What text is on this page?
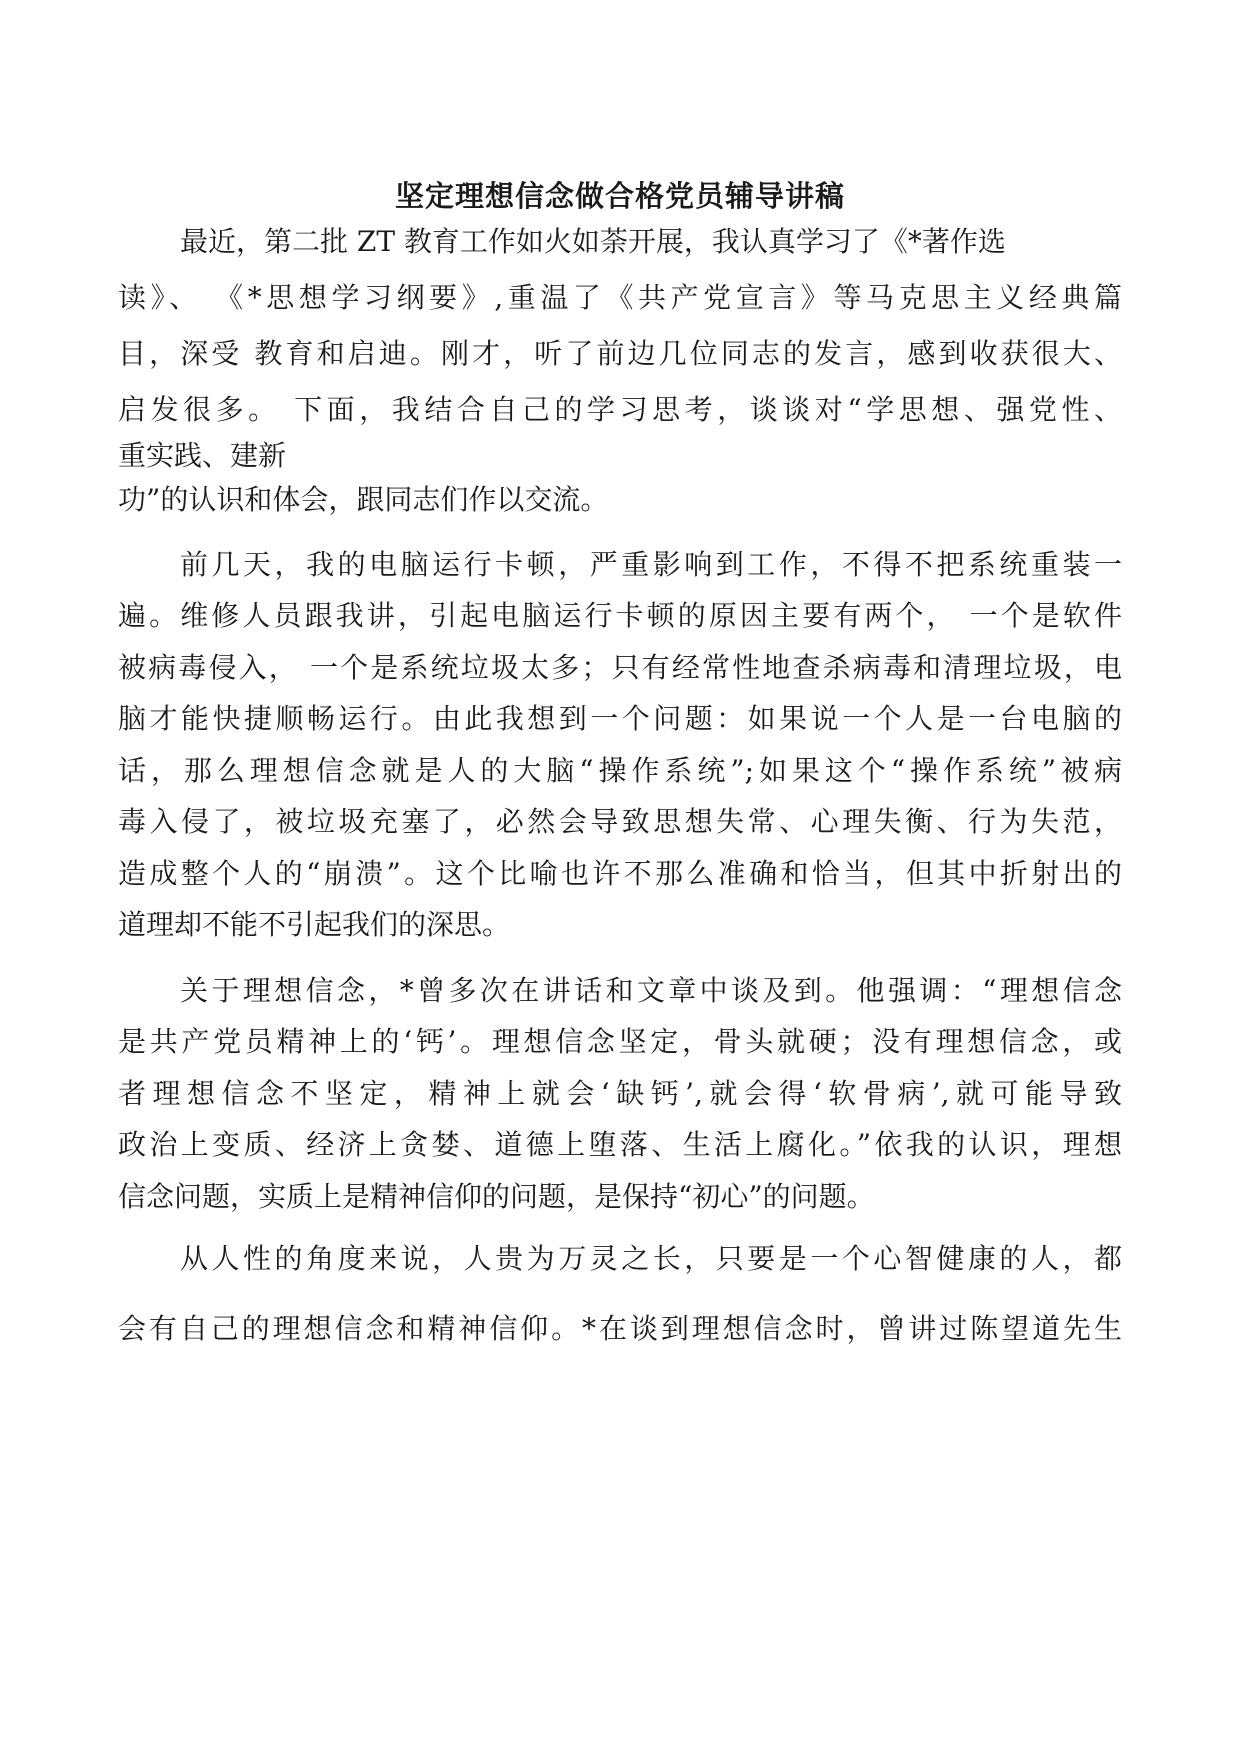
坚定理想信念做合格党员辅导讲稿

最近，第二批 ZT 教育工作如火如荼开展，我认真学习了《*著作选

读》、 《*思想学习纲要》,重温了《共产党宣言》等马克思主义经典篇

目，深受 教育和启迪。刚才，听了前边几位同志的发言，感到收获很大、

启发很多。 下面，我结合自己的学习思考，谈谈对“学思想、强党性、

重实践、建新

功”的认识和体会，跟同志们作以交流。

前几天，我的电脑运行卡顿，严重影响到工作，不得不把系统重装一

遍。维修人员跟我讲，引起电脑运行卡顿的原因主要有两个， 一个是软件

被病毒侵入， 一个是系统垃圾太多；只有经常性地查杀病毒和清理垃圾，电

脑才能快捷顺畅运行。由此我想到一个问题：如果说一个人是一台电脑的

话，那么理想信念就是人的大脑“操作系统”;如果这个“操作系统”被病

毒入侵了，被垃圾充塞了，必然会导致思想失常、心理失衡、行为失范，

造成整个人的“崩溃”。这个比喻也许不那么准确和恰当，但其中折射出的

道理却不能不引起我们的深思。

关于理想信念，*曾多次在讲话和文章中谈及到。他强调：“理想信念

是共产党员精神上的‘钙’。理想信念坚定，骨头就硬；没有理想信念，或

者理想信念不坚定，精神上就会‘缺钙’,就会得‘软骨病’,就可能导致

政治上变质、经济上贪婪、道德上堕落、生活上腐化。”依我的认识，理想

信念问题，实质上是精神信仰的问题，是保持“初心”的问题。

从人性的角度来说，人贵为万灵之长，只要是一个心智健康的人，都

会有自己的理想信念和精神信仰。*在谈到理想信念时，曾讲过陈望道先生
